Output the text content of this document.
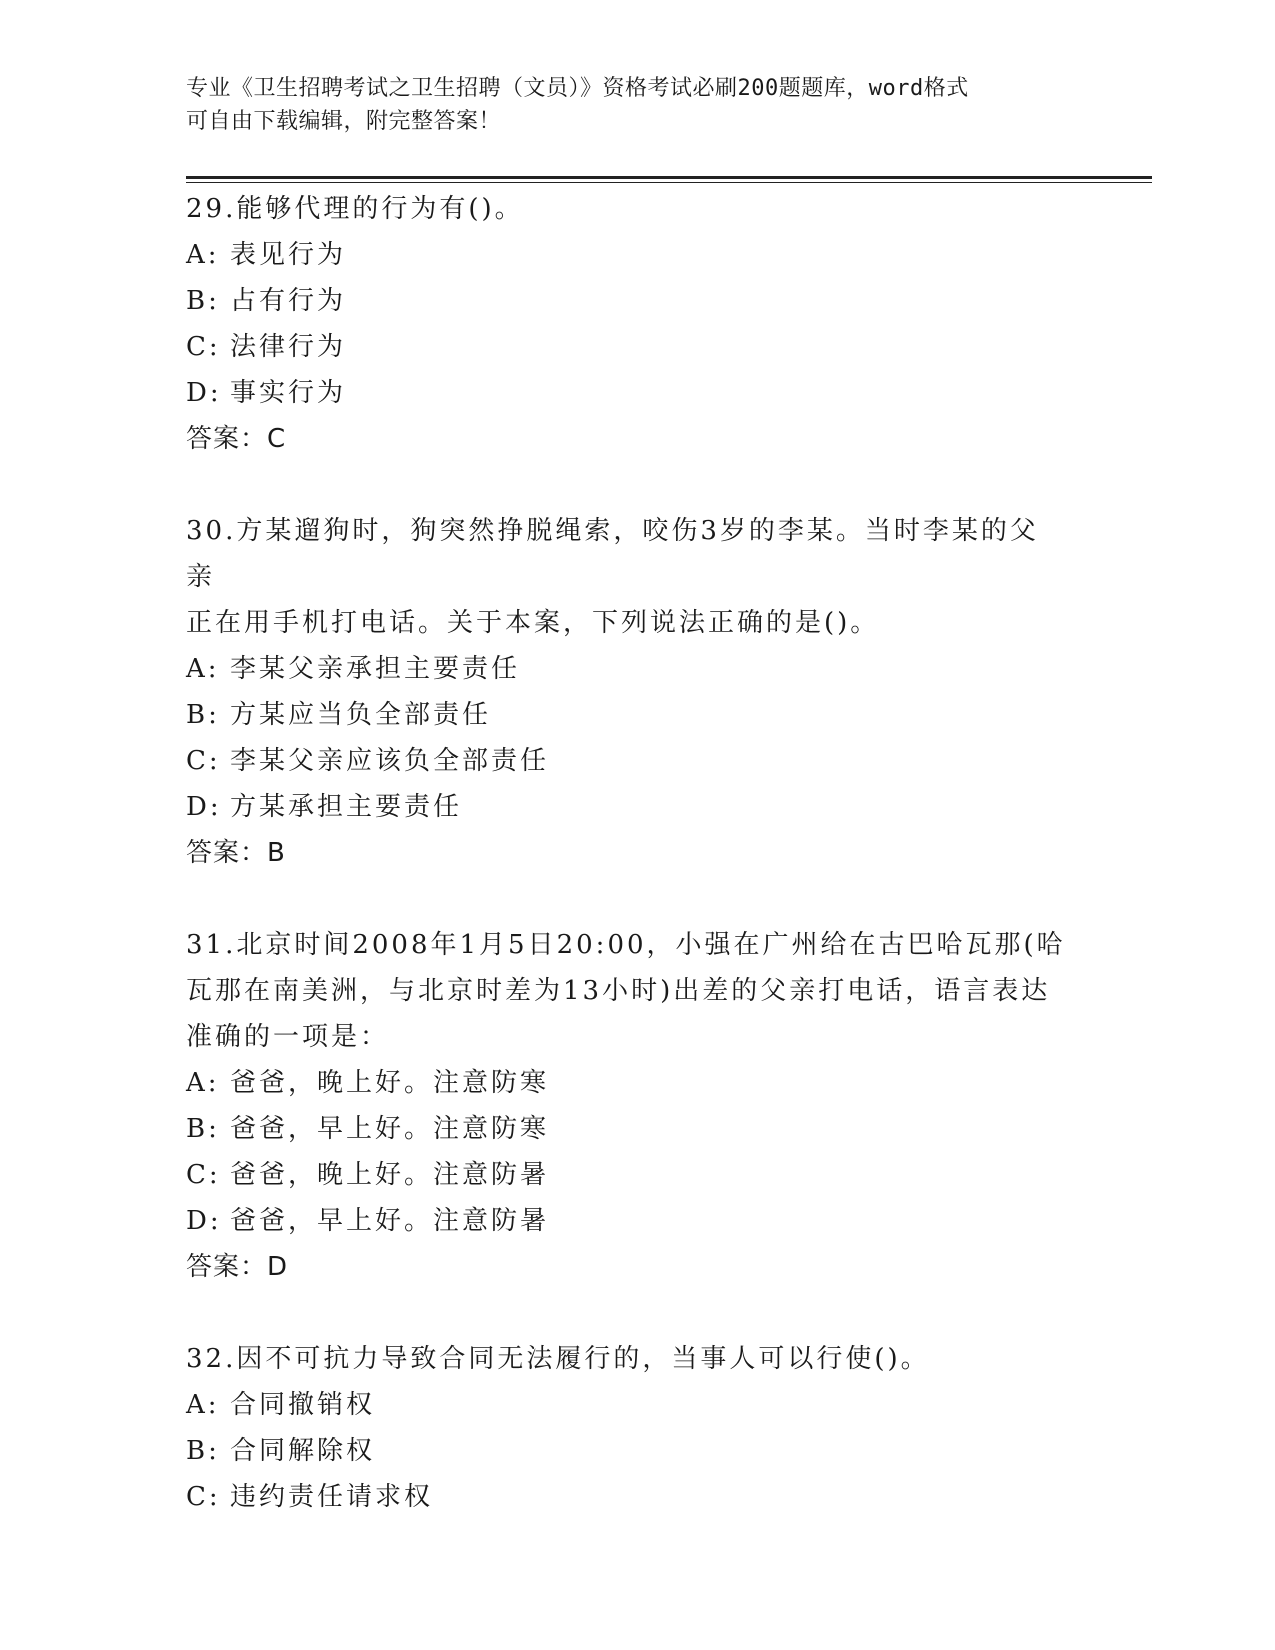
专业《卫生招聘考试之卫生招聘（文员）》资格考试必刷200题题库，word格式
可自由下载编辑，附完整答案！
29.能够代理的行为有()。
A: 表见行为
B: 占有行为
C: 法律行为
D: 事实行为
答案：C
30.方某遛狗时，狗突然挣脱绳索，咬伤3岁的李某。当时李某的父亲
正在用手机打电话。关于本案，下列说法正确的是()。
A: 李某父亲承担主要责任
B: 方某应当负全部责任
C: 李某父亲应该负全部责任
D: 方某承担主要责任
答案：B
31.北京时间2008年1月5日20:00，小强在广州给在古巴哈瓦那(哈
瓦那在南美洲，与北京时差为13小时)出差的父亲打电话，语言表达
准确的一项是：
A: 爸爸，晚上好。注意防寒
B: 爸爸，早上好。注意防寒
C: 爸爸，晚上好。注意防暑
D: 爸爸，早上好。注意防暑
答案：D
32.因不可抗力导致合同无法履行的，当事人可以行使()。
A: 合同撤销权
B: 合同解除权
C: 违约责任请求权
